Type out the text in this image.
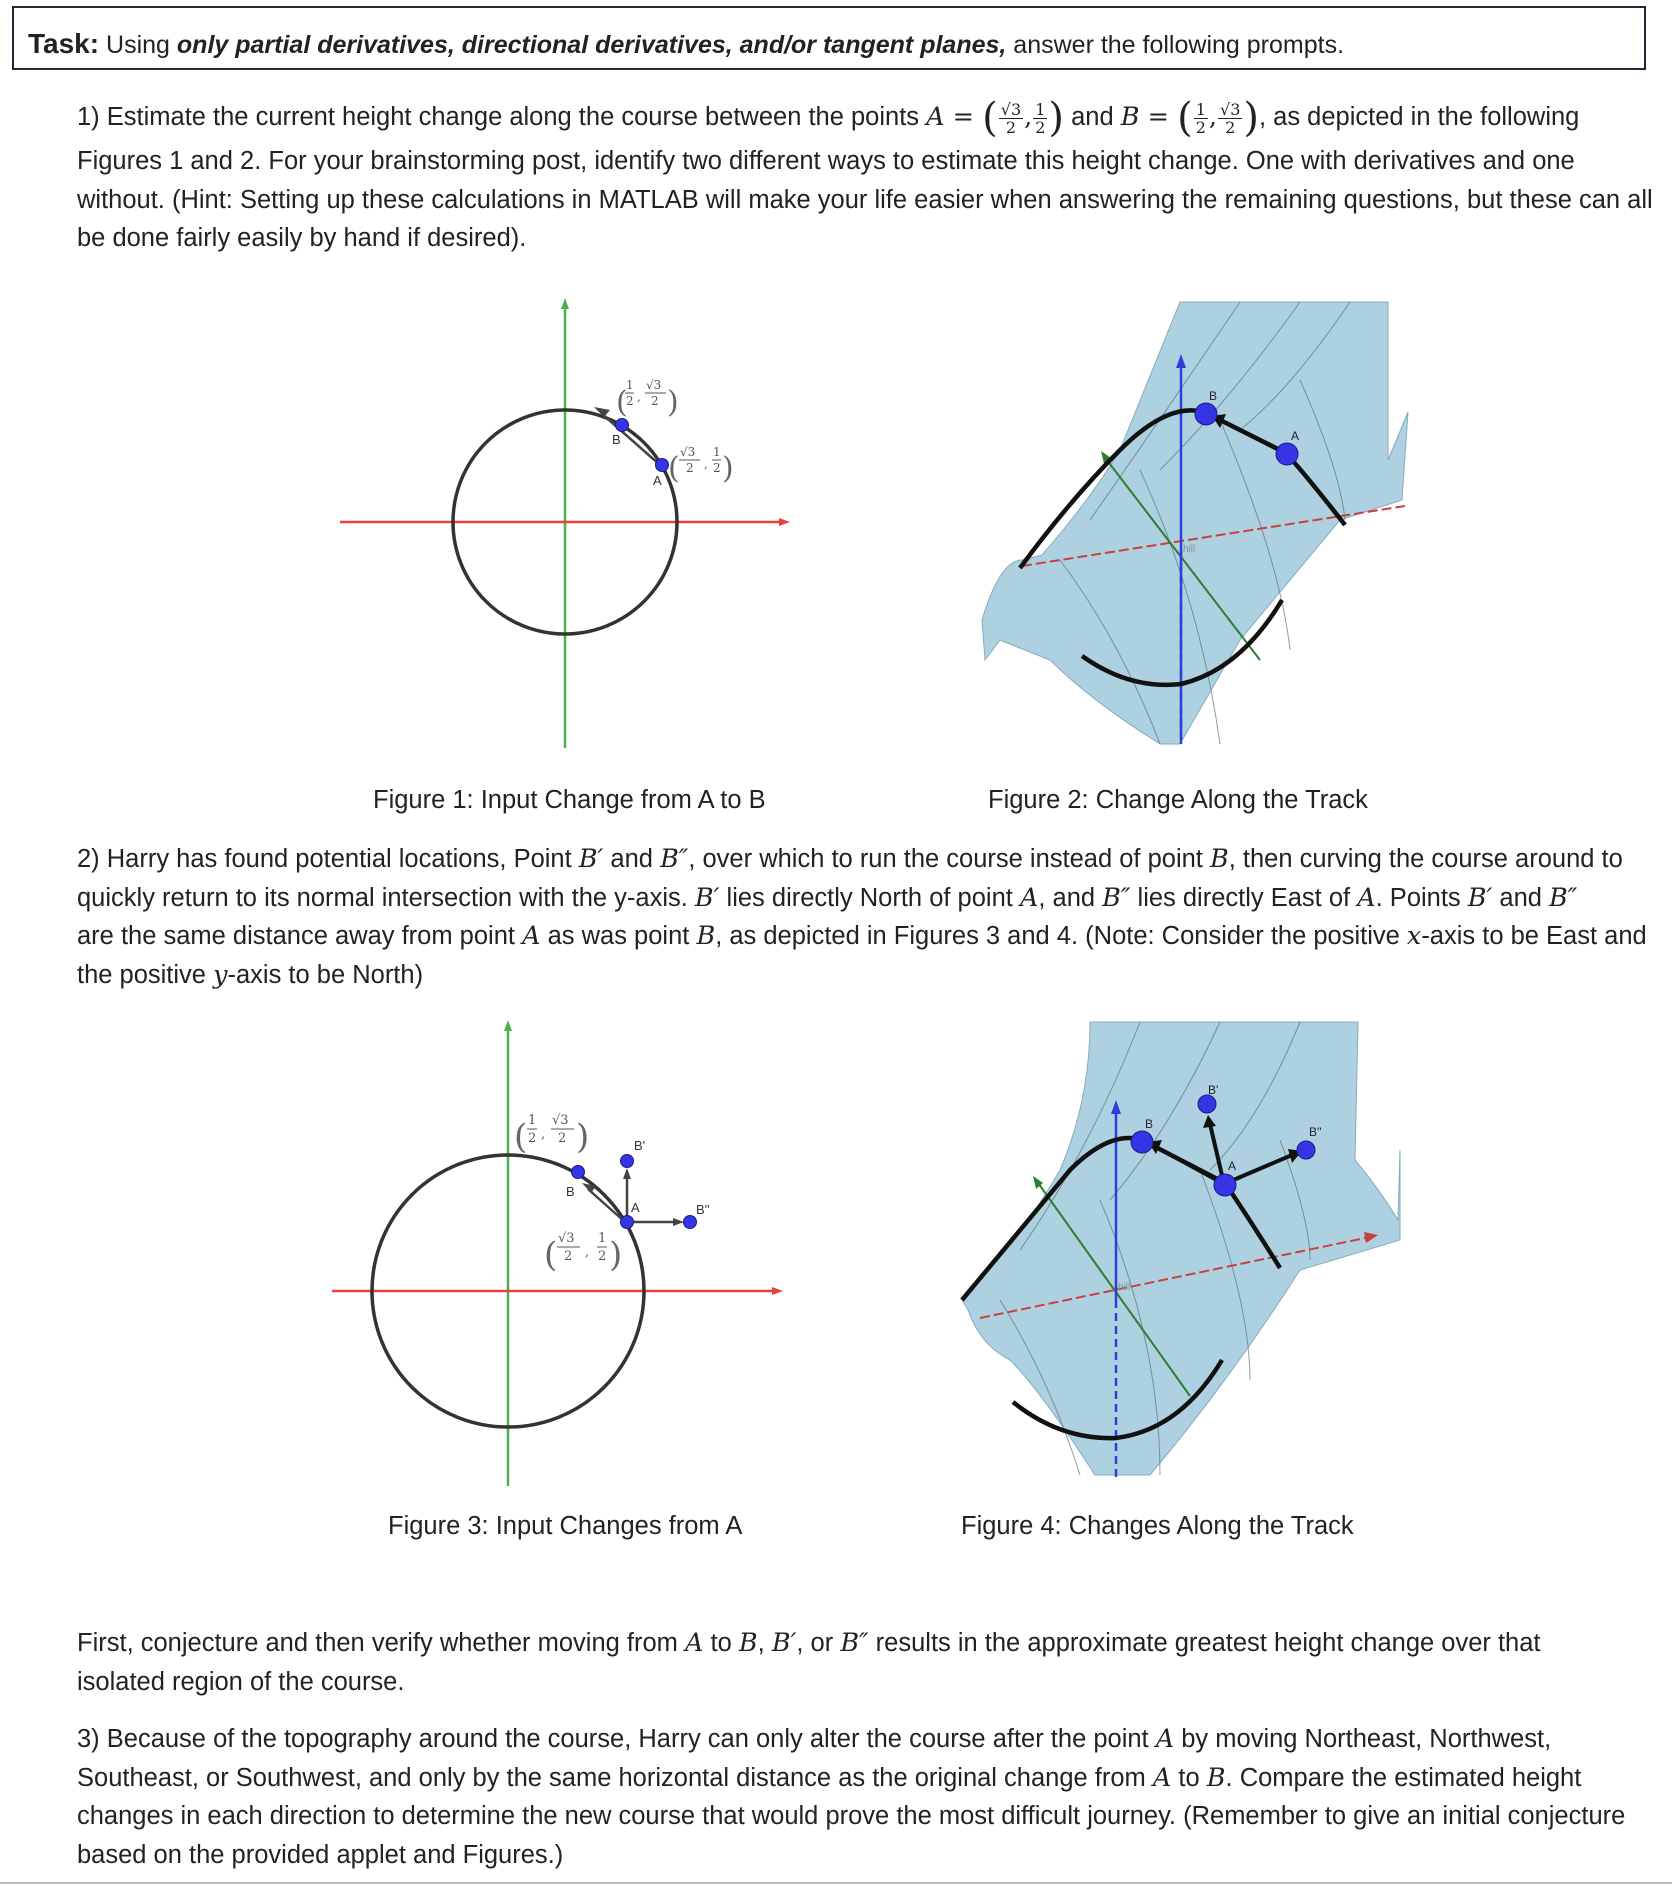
Task: Using only partial derivatives, directional derivatives, and/or tangent planes, answer the following prompts.
1) Estimate the current height change along the course between the points A = ( $\frac{√3}{2}$ , $\frac{1}{2}$ ) and B = ( $\frac{1}{2}$ , $\frac{√3}{2}$ ), as depicted in the following
Figures 1 and 2. For your brainstorming post, identify two different ways to estimate this height change. One with derivatives and one
without. (Hint: Setting up these calculations in MATLAB will make your life easier when answering the remaining questions, but these can all
be done fairly easily by hand if desired).
B
A
(
1
2 ,
√3
2 )
( √3
2 ,
1
2 )
B
A
hill
Figure 1: Input Change from A to B	Figure 2: Change Along the Track
2) Harry has found potential locations, Point B′ and B″, over which to run the course instead of point B, then curving the course around to
quickly return to its normal intersection with the y-axis. B′ lies directly North of point A, and B″ lies directly East of A. Points B′ and B″
are the same distance away from point A as was point B, as depicted in Figures 3 and 4. (Note: Consider the positive x-axis to be East and
the positive y-axis to be North)
B
A
B'
B''
( 1
2 ,
√3
2 )
( √3
2 ,
1
2 )
B
A
B'
B''
hill
Figure 3: Input Changes from A	Figure 4: Changes Along the Track
First, conjecture and then verify whether moving from A to B, B′, or B″ results in the approximate greatest height change over that
isolated region of the course.
3) Because of the topography around the course, Harry can only alter the course after the point A by moving Northeast, Northwest,
Southeast, or Southwest, and only by the same horizontal distance as the original change from A to B. Compare the estimated height
changes in each direction to determine the new course that would prove the most difficult journey. (Remember to give an initial conjecture
based on the provided applet and Figures.)
